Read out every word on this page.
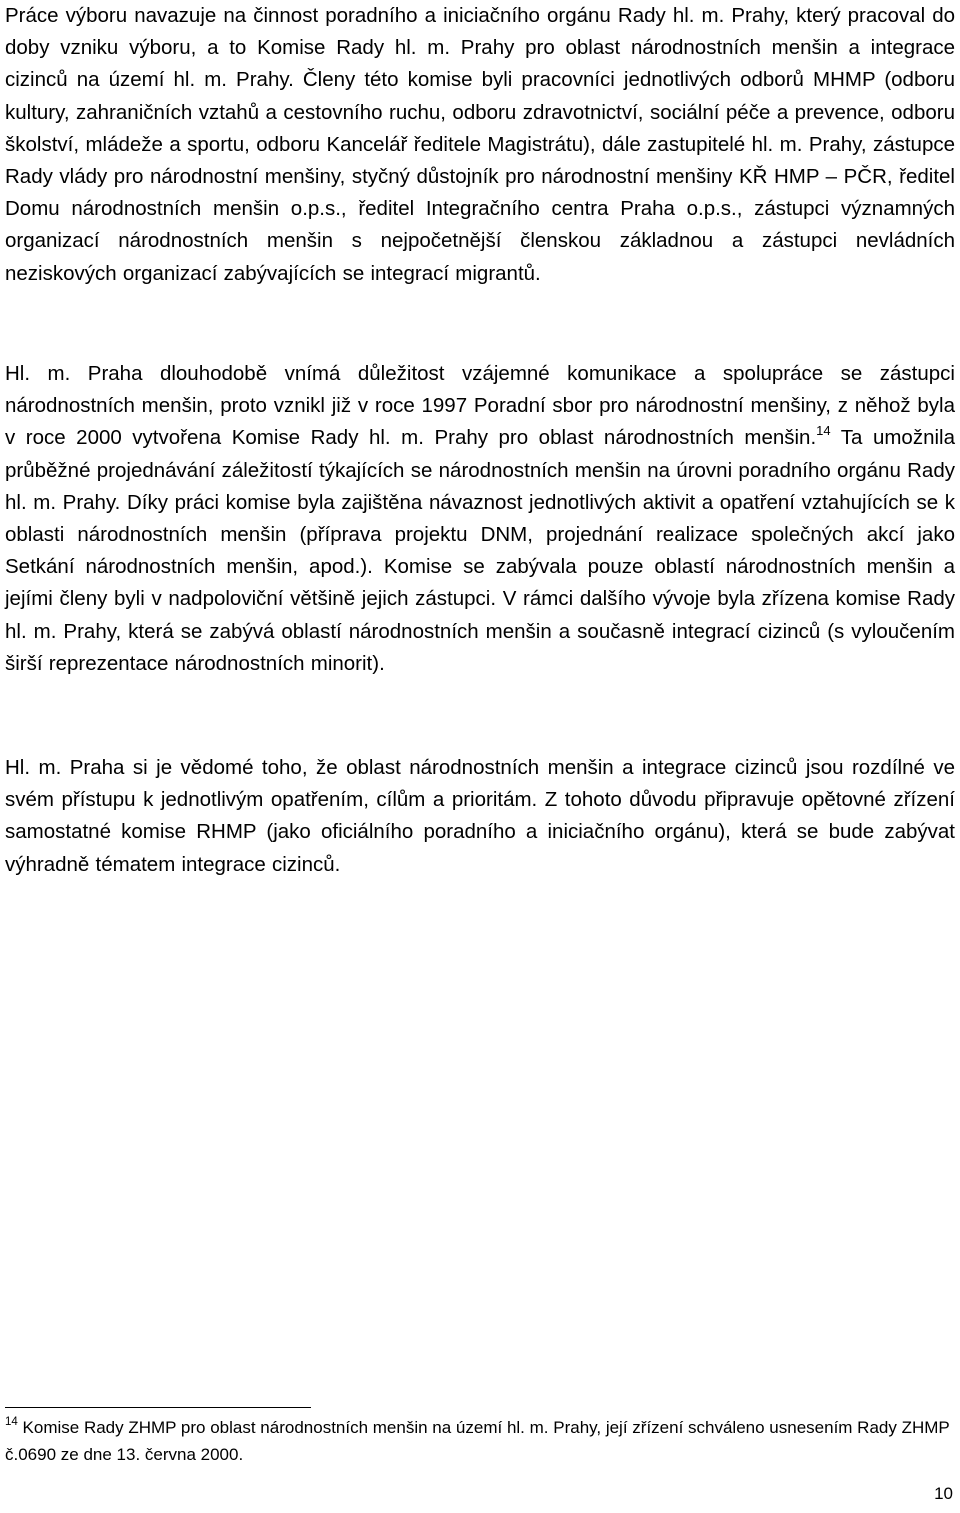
Práce výboru navazuje na činnost poradního a iniciačního orgánu Rady hl. m. Prahy, který pracoval do doby vzniku výboru, a to Komise Rady hl. m. Prahy pro oblast národnostních menšin a integrace cizinců na území hl. m. Prahy. Členy této komise byli pracovníci jednotlivých odborů MHMP (odboru kultury, zahraničních vztahů a cestovního ruchu, odboru zdravotnictví, sociální péče a prevence, odboru školství, mládeže a sportu, odboru Kancelář ředitele Magistrátu), dále zastupitelé hl. m. Prahy, zástupce Rady vlády pro národnostní menšiny, styčný důstojník pro národnostní menšiny KŘ HMP – PČR, ředitel Domu národnostních menšin o.p.s., ředitel Integračního centra Praha o.p.s., zástupci významných organizací národnostních menšin s nejpočetnější členskou základnou a zástupci nevládních neziskových organizací zabývajících se integrací migrantů.

Hl. m. Praha dlouhodobě vnímá důležitost vzájemné komunikace a spolupráce se zástupci národnostních menšin, proto vznikl již v roce 1997 Poradní sbor pro národnostní menšiny, z něhož byla v roce 2000 vytvořena Komise Rady hl. m. Prahy pro oblast národnostních menšin.$^{14}$ Ta umožnila průběžné projednávání záležitostí týkajících se národnostních menšin na úrovni poradního orgánu Rady hl. m. Prahy. Díky práci komise byla zajištěna návaznost jednotlivých aktivit a opatření vztahujících se k oblasti národnostních menšin (příprava projektu DNM, projednání realizace společných akcí jako Setkání národnostních menšin, apod.). Komise se zabývala pouze oblastí národnostních menšin a jejími členy byli v nadpoloviční většině jejich zástupci. V rámci dalšího vývoje byla zřízena komise Rady hl. m. Prahy, která se zabývá oblastí národnostních menšin a současně integrací cizinců (s vyloučením širší reprezentace národnostních minorit).

Hl. m. Praha si je vědomé toho, že oblast národnostních menšin a integrace cizinců jsou rozdílné ve svém přístupu k jednotlivým opatřením, cílům a prioritám. Z tohoto důvodu připravuje opětovné zřízení samostatné komise RHMP (jako oficiálního poradního a iniciačního orgánu), která se bude zabývat výhradně tématem integrace cizinců.

$^{14}$ Komise Rady ZHMP pro oblast národnostních menšin na území hl. m. Prahy, její zřízení schváleno usnesením Rady ZHMP č.0690 ze dne 13. června 2000.

10
